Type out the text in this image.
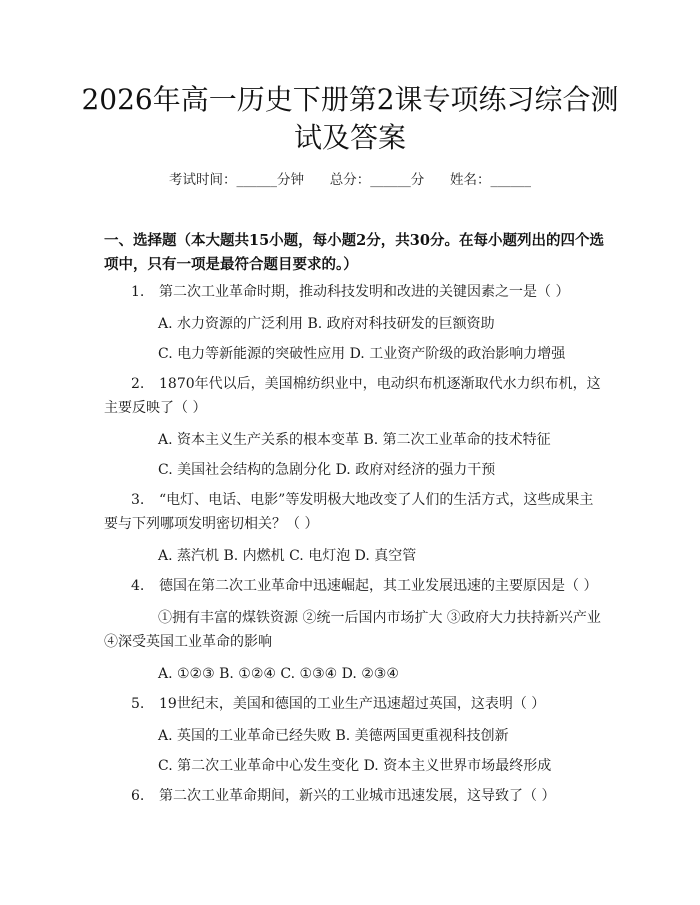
2026年高一历史下册第2课专项练习综合测
试及答案
考试时间：______分钟      总分：______分      姓名：______
一、选择题（本大题共15小题，每小题2分，共30分。在每小题列出的四个选
项中，只有一项是最符合题目要求的。）
1. 第二次工业革命时期，推动科技发明和改进的关键因素之一是（ ）
A. 水力资源的广泛利用 B. 政府对科技研发的巨额资助
C. 电力等新能源的突破性应用 D. 工业资产阶级的政治影响力增强
2. 1870年代以后，美国棉纺织业中，电动织布机逐渐取代水力织布机，这
主要反映了（ ）
A. 资本主义生产关系的根本变革 B. 第二次工业革命的技术特征
C. 美国社会结构的急剧分化 D. 政府对经济的强力干预
3. “电灯、电话、电影”等发明极大地改变了人们的生活方式，这些成果主
要与下列哪项发明密切相关？（ ）
A. 蒸汽机 B. 内燃机 C. 电灯泡 D. 真空管
4. 德国在第二次工业革命中迅速崛起，其工业发展迅速的主要原因是（ ）
①拥有丰富的煤铁资源 ②统一后国内市场扩大 ③政府大力扶持新兴产业
④深受英国工业革命的影响
A. ①②③ B. ①②④ C. ①③④ D. ②③④
5. 19世纪末，美国和德国的工业生产迅速超过英国，这表明（ ）
A. 英国的工业革命已经失败 B. 美德两国更重视科技创新
C. 第二次工业革命中心发生变化 D. 资本主义世界市场最终形成
6. 第二次工业革命期间，新兴的工业城市迅速发展，这导致了（ ）
